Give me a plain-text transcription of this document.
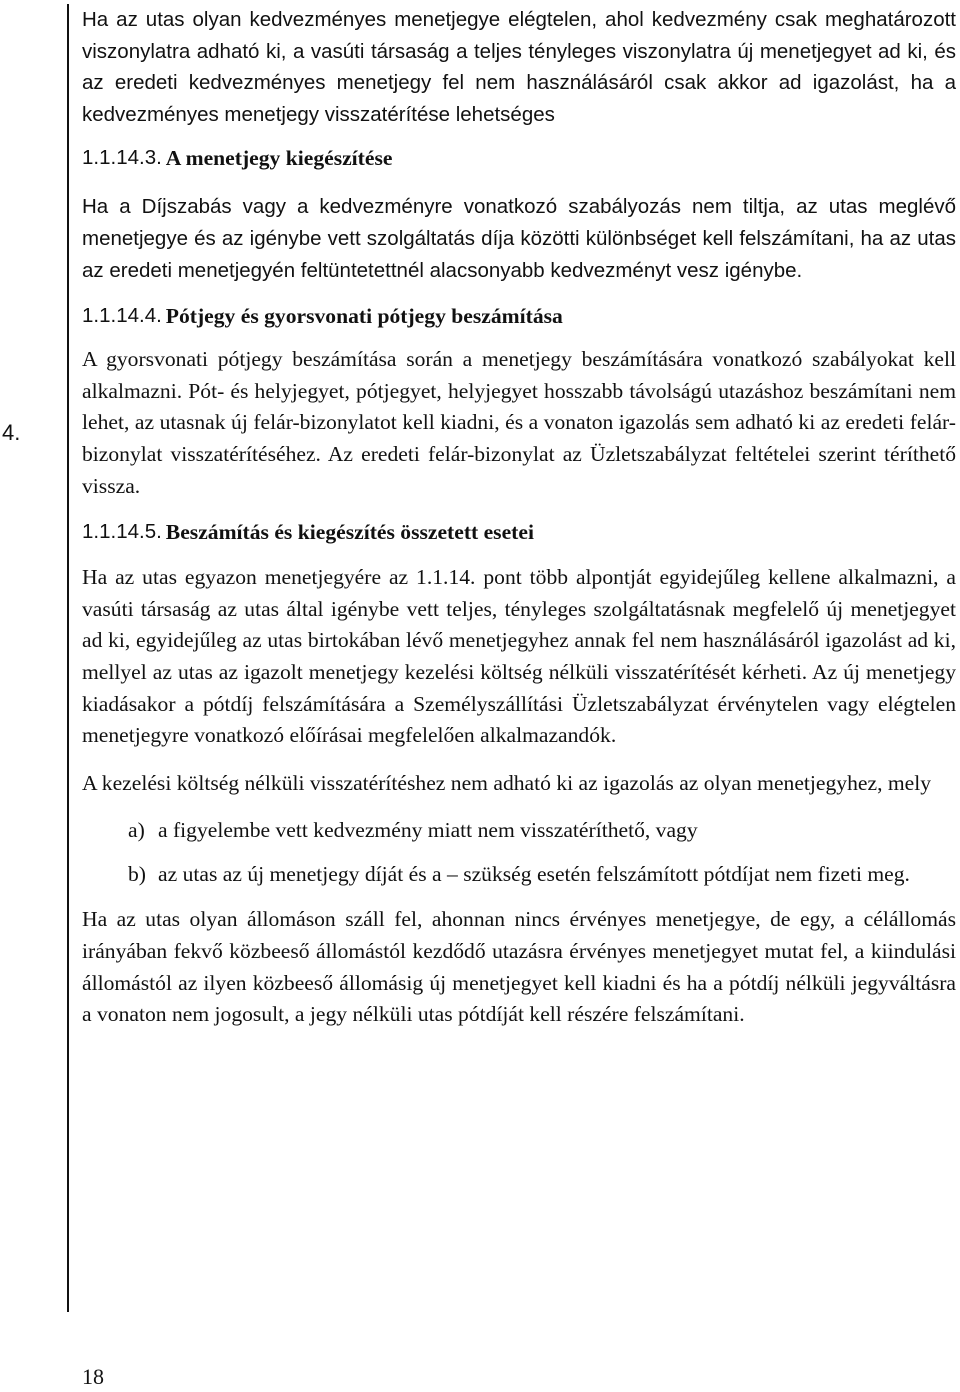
4.

Ha az utas olyan kedvezményes menetjegye elégtelen, ahol kedvezmény csak meghatározott viszonylatra adható ki, a vasúti társaság a teljes tényleges viszonylatra új menetjegyet ad ki, és az eredeti kedvezményes menetjegy fel nem használásáról csak akkor ad igazolást, ha a kedvezményes menetjegy visszatérítése lehetséges

1.1.14.3. A menetjegy kiegészítése

Ha a Díjszabás vagy a kedvezményre vonatkozó szabályozás nem tiltja, az utas meglévő menetjegye és az igénybe vett szolgáltatás díja közötti különbséget kell felszámítani, ha az utas az eredeti menetjegyén feltüntetettnél alacsonyabb kedvezményt vesz igénybe.

1.1.14.4. Pótjegy és gyorsvonati pótjegy beszámítása

A gyorsvonati pótjegy beszámítása során a menetjegy beszámítására vonatkozó szabályokat kell alkalmazni. Pót- és helyjegyet, pótjegyet, helyjegyet hosszabb távolságú utazáshoz beszámítani nem lehet, az utasnak új felár-bizonylatot kell kiadni, és a vonaton igazolás sem adható ki az eredeti felár-bizonylat visszatérítéséhez. Az eredeti felár-bizonylat az Üzletszabályzat feltételei szerint téríthető vissza.

1.1.14.5. Beszámítás és kiegészítés összetett esetei

Ha az utas egyazon menetjegyére az 1.1.14. pont több alpontját egyidejűleg kellene alkalmazni, a vasúti társaság az utas által igénybe vett teljes, tényleges szolgáltatásnak megfelelő új menetjegyet ad ki, egyidejűleg az utas birtokában lévő menetjegyhez annak fel nem használásáról igazolást ad ki, mellyel az utas az igazolt menetjegy kezelési költség nélküli visszatérítését kérheti. Az új menetjegy kiadásakor a pótdíj felszámítására a Személyszállítási Üzletszabályzat érvénytelen vagy elégtelen menetjegyre vonatkozó előírásai megfelelően alkalmazandók.

A kezelési költség nélküli visszatérítéshez nem adható ki az igazolás az olyan menetjegyhez, mely

a) a figyelembe vett kedvezmény miatt nem visszatéríthető, vagy
b) az utas az új menetjegy díját és a – szükség esetén felszámított pótdíjat nem fizeti meg.

Ha az utas olyan állomáson száll fel, ahonnan nincs érvényes menetjegye, de egy, a célállomás irányában fekvő közbeeső állomástól kezdődő utazásra érvényes menetjegyet mutat fel, a kiindulási állomástól az ilyen közbeeső állomásig új menetjegyet kell kiadni és ha a pótdíj nélküli jegyváltásra a vonaton nem jogosult, a jegy nélküli utas pótdíját kell részére felszámítani.

18
